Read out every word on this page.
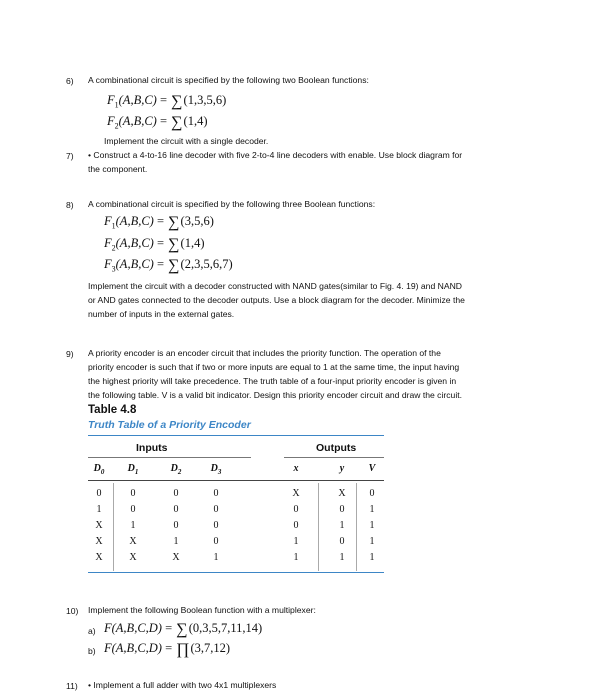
6) A combinational circuit is specified by the following two Boolean functions:
$F_1(A,B,C) = \sum(1,3,5,6)$
$F_2(A,B,C) = \sum(1,4)$
Implement the circuit with a single decoder.
7) • Construct a 4-to-16 line decoder with five 2-to-4 line decoders with enable. Use block diagram for
the component.
8) A combinational circuit is specified by the following three Boolean functions:
$F_1(A,B,C) = \sum(3,5,6)$
$F_2(A,B,C) = \sum(1,4)$
$F_3(A,B,C) = \sum(2,3,5,6,7)$
Implement the circuit with a decoder constructed with NAND gates(similar to Fig. 4. 19) and NAND
or AND gates connected to the decoder outputs. Use a block diagram for the decoder. Minimize the
number of inputs in the external gates.
9) A priority encoder is an encoder circuit that includes the priority function. The operation of the
priority encoder is such that if two or more inputs are equal to 1 at the same time, the input having
the highest priority will take precedence. The truth table of a four-input priority encoder is given in
the following table. V is a valid bit indicator. Design this priority encoder circuit and draw the circuit.
Table 4.8
Truth Table of a Priority Encoder
Inputs	Outputs
$D_0$	$D_1$	$D_2$	$D_3$	x	y	V
0	0	0	0	X	X	0
1	0	0	0	0	0	1
X	1	0	0	0	1	1
X	X	1	0	1	0	1
X	X	X	1	1	1	1
10) Implement the following Boolean function with a multiplexer:
a) F(A,B,C,D) = ∑(0,3,5,7,11,14)
b) F(A,B,C,D) = ∏(3,7,12)
11) • Implement a full adder with two 4x1 multiplexers
